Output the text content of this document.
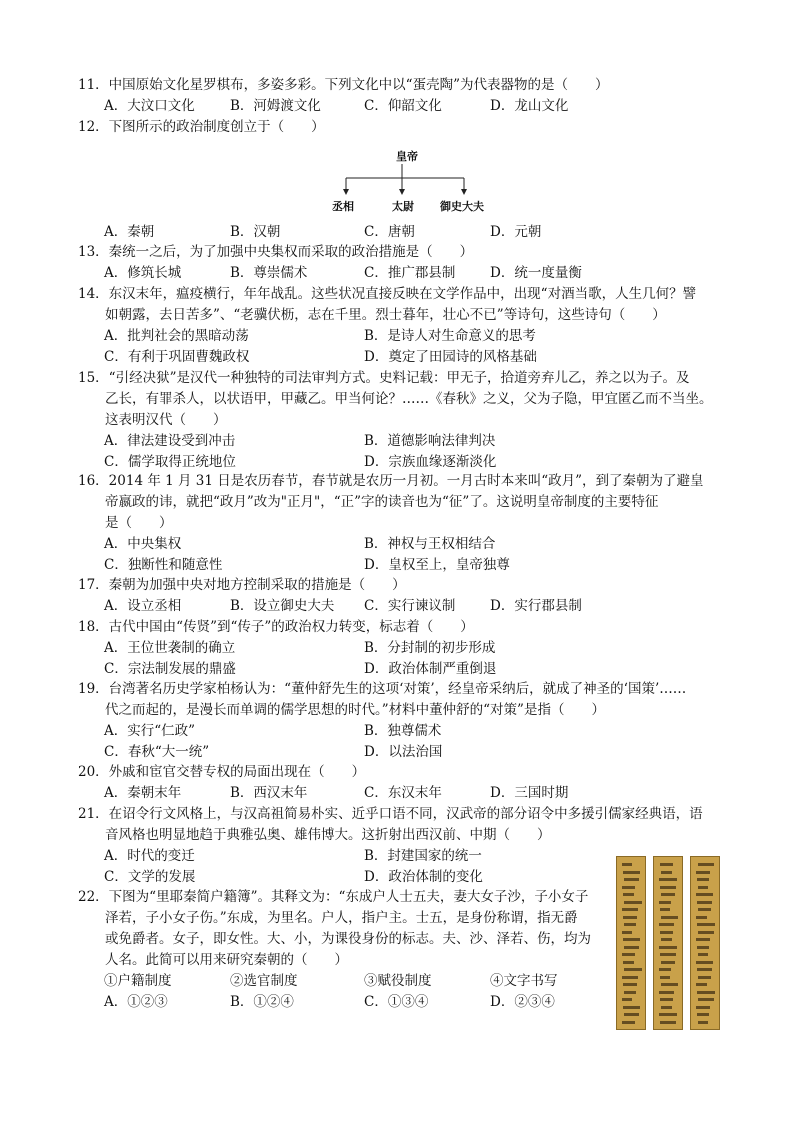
11．中国原始文化星罗棋布，多姿多彩。下列文化中以“蛋壳陶”为代表器物的是（　　）
A．大汶口文化	B．河姆渡文化	C．仰韶文化	D．龙山文化
12．下图所示的政治制度创立于（　　）
皇帝
丞相	太尉 御史大夫
A．秦朝	B．汉朝	C．唐朝	D．元朝
13．秦统一之后，为了加强中央集权而采取的政治措施是（　　）
A．修筑长城	B．尊崇儒术	C．推广郡县制	D．统一度量衡
14．东汉末年，瘟疫横行，年年战乱。这些状况直接反映在文学作品中，出现“对酒当歌，人生几何？譬
　　如朝露，去日苦多”、“老骥伏枥，志在千里。烈士暮年，壮心不已”等诗句，这些诗句（　　）
A．批判社会的黑暗动荡	B．是诗人对生命意义的思考
C．有利于巩固曹魏政权	D．奠定了田园诗的风格基础
15．“引经决狱”是汉代一种独特的司法审判方式。史料记载：甲无子，拾道旁弃儿乙，养之以为子。及
　　乙长，有罪杀人，以状语甲，甲藏乙。甲当何论？……《春秋》之义，父为子隐，甲宜匿乙而不当坐。
　　这表明汉代（　　）
A．律法建设受到冲击	B．道德影响法律判决
C．儒学取得正统地位	D．宗族血缘逐渐淡化
16．2014 年 1 月 31 日是农历春节，春节就是农历一月初。一月古时本来叫“政月”，到了秦朝为了避皇
　　帝嬴政的讳，就把“政月”改为"正月"，“正”字的读音也为“征”了。这说明皇帝制度的主要特征
　　是（　　）
A．中央集权	B．神权与王权相结合
C．独断性和随意性	D．皇权至上，皇帝独尊
17．秦朝为加强中央对地方控制采取的措施是（　　）
A．设立丞相	B．设立御史大夫 C．实行谏议制	D．实行郡县制
18．古代中国由“传贤”到“传子”的政治权力转变，标志着（　　）
A．王位世袭制的确立	B．分封制的初步形成
C．宗法制发展的鼎盛	D．政治体制严重倒退
19．台湾著名历史学家柏杨认为：“董仲舒先生的这项‘对策’，经皇帝采纳后，就成了神圣的‘国策’……
　　代之而起的，是漫长而单调的儒学思想的时代。”材料中董仲舒的“对策”是指（　　）
A．实行“仁政”	B．独尊儒术
C．春秋“大一统”	D．以法治国
20．外戚和宦官交替专权的局面出现在（　　）
A．秦朝末年	B．西汉末年	C．东汉末年	D．三国时期
21．在诏令行文风格上，与汉高祖简易朴实、近乎口语不同，汉武帝的部分诏令中多援引儒家经典语，语
　　音风格也明显地趋于典雅弘奥、雄伟博大。这折射出西汉前、中期（　　）
A．时代的变迁	B．封建国家的统一
C．文学的发展	D．政治体制的变化
22．下图为“里耶秦简户籍簿”。其释文为：“东成户人士五夫，妻大女子沙，子小女子
　　泽若，子小女子伤。”东成，为里名。户人，指户主。士五，是身份称谓，指无爵
　　或免爵者。女子，即女性。大、小，为课役身份的标志。夫、沙、泽若、伤，均为
　　人名。此简可以用来研究秦朝的（　　）
①户籍制度	②选官制度	③赋役制度	④文字书写
A．①②③	B．①②④	C．①③④	D．②③④
